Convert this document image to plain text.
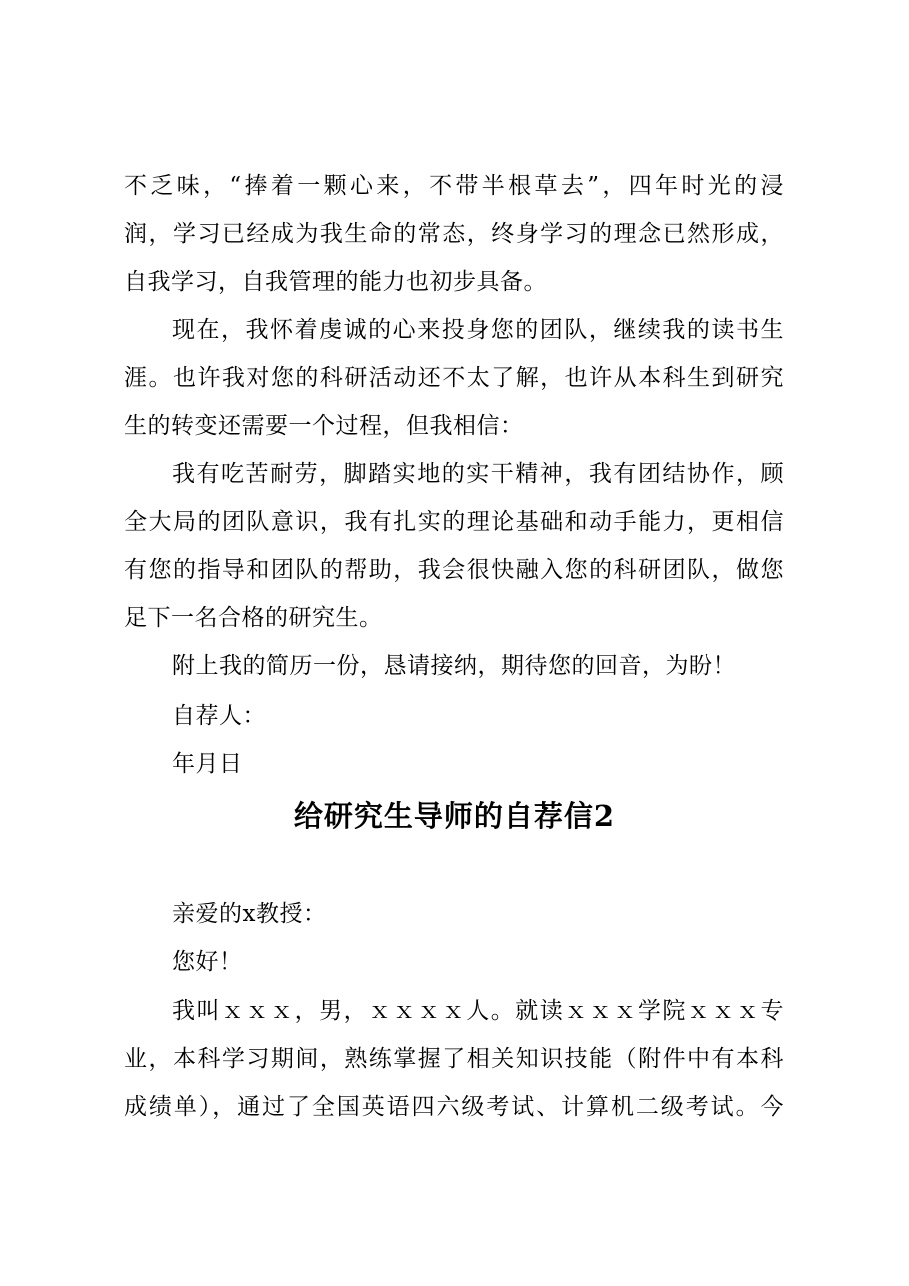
不乏味，“捧着一颗心来，不带半根草去”，四年时光的浸
润，学习已经成为我生命的常态，终身学习的理念已然形成，
自我学习，自我管理的能力也初步具备。
现在，我怀着虔诚的心来投身您的团队，继续我的读书生
涯。也许我对您的科研活动还不太了解，也许从本科生到研究
生的转变还需要一个过程，但我相信：
我有吃苦耐劳，脚踏实地的实干精神，我有团结协作，顾
全大局的团队意识，我有扎实的理论基础和动手能力，更相信
有您的指导和团队的帮助，我会很快融入您的科研团队，做您
足下一名合格的研究生。
附上我的简历一份，恳请接纳，期待您的回音，为盼！
自荐人：
年月日
给研究生导师的自荐信2
亲爱的x教授：
您好！
我叫ｘｘｘ，男，ｘｘｘｘ人。就读ｘｘｘ学院ｘｘｘ专
业，本科学习期间，熟练掌握了相关知识技能（附件中有本科
成绩单），通过了全国英语四六级考试、计算机二级考试。今
